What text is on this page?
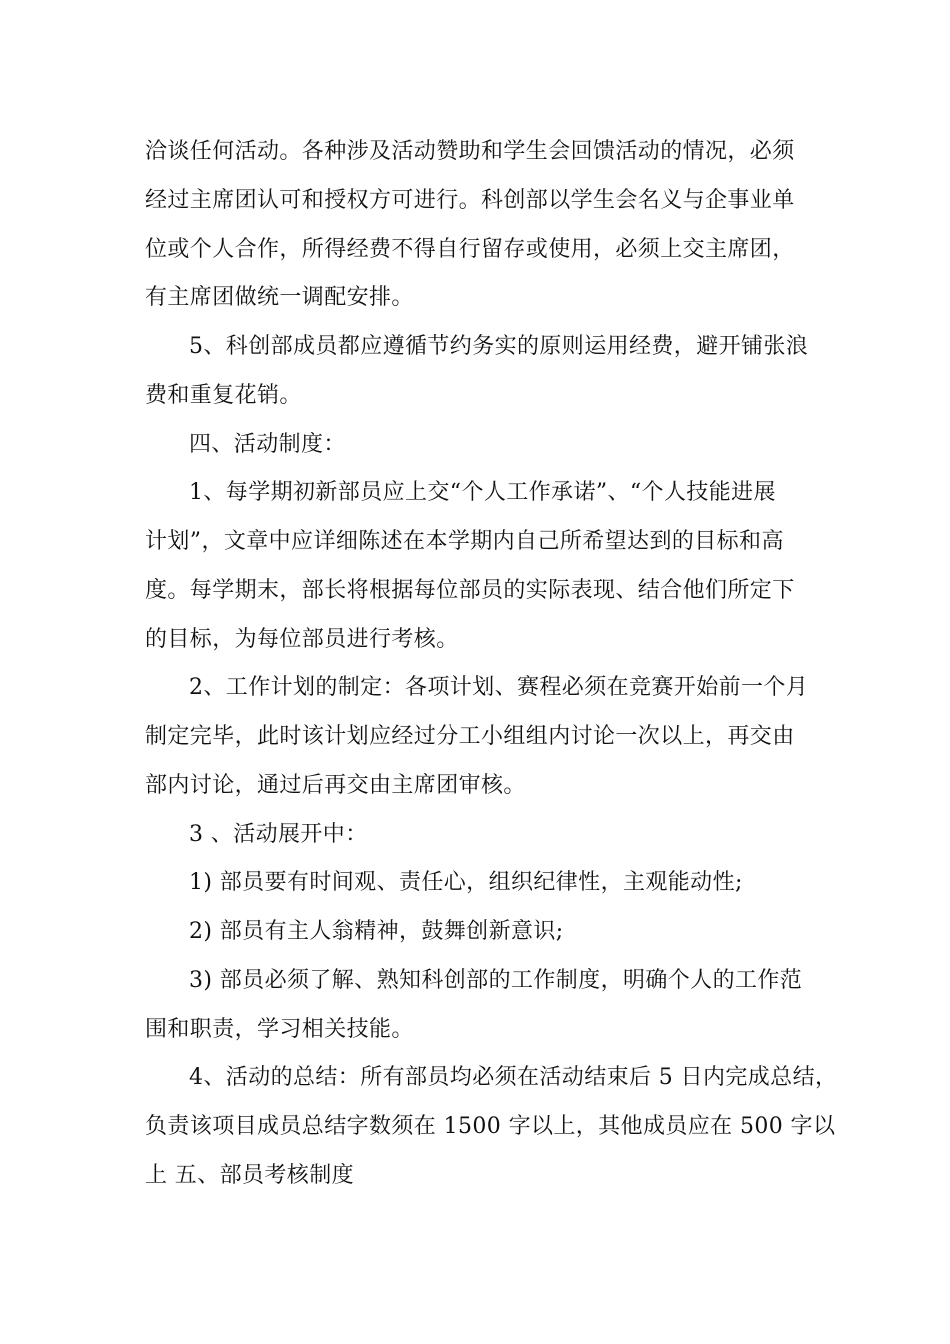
洽谈任何活动。各种涉及活动赞助和学生会回馈活动的情况，必须
经过主席团认可和授权方可进行。科创部以学生会名义与企事业单
位或个人合作，所得经费不得自行留存或使用，必须上交主席团，
有主席团做统一调配安排。
5、科创部成员都应遵循节约务实的原则运用经费，避开铺张浪
费和重复花销。
四、活动制度：
1、每学期初新部员应上交“个人工作承诺”、“个人技能进展
计划”，文章中应详细陈述在本学期内自己所希望达到的目标和高
度。每学期末，部长将根据每位部员的实际表现、结合他们所定下
的目标，为每位部员进行考核。
2、工作计划的制定：各项计划、赛程必须在竞赛开始前一个月
制定完毕，此时该计划应经过分工小组组内讨论一次以上，再交由
部内讨论，通过后再交由主席团审核。
3 、活动展开中：
1) 部员要有时间观、责任心，组织纪律性，主观能动性;
2) 部员有主人翁精神，鼓舞创新意识;
3) 部员必须了解、熟知科创部的工作制度，明确个人的工作范
围和职责，学习相关技能。
4、活动的总结：所有部员均必须在活动结束后 5 日内完成总结，
负责该项目成员总结字数须在 1500 字以上，其他成员应在 500 字以
上 五、部员考核制度
